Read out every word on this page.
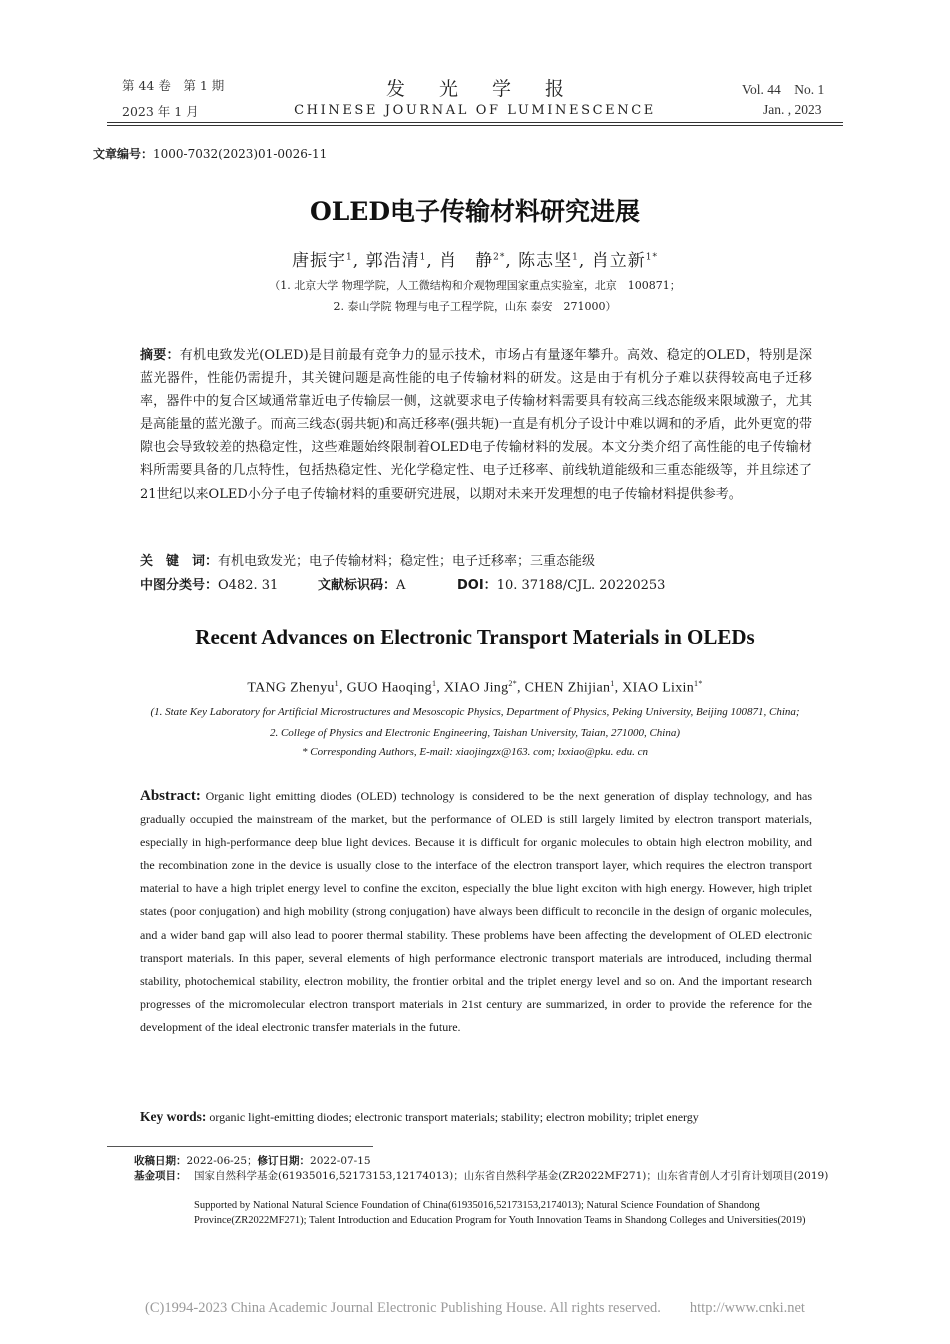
第 44 卷　第 1 期
2023 年 1 月
发 光 学 报
CHINESE JOURNAL OF LUMINESCENCE
Vol. 44　No. 1
Jan. , 2023
文章编号：1000-7032(2023)01-0026-11
OLED电子传输材料研究进展
唐振宇$^1$, 郭浩清$^1$, 肖　静$^{2*}$, 陈志坚$^1$, 肖立新$^{1*}$
（1. 北京大学 物理学院，人工微结构和介观物理国家重点实验室，北京　100871；
2. 泰山学院 物理与电子工程学院，山东 泰安　271000）
摘要：有机电致发光(OLED)是目前最有竞争力的显示技术，市场占有量逐年攀升。高效、稳定的OLED，特别是深蓝光器件，性能仍需提升，其关键问题是高性能的电子传输材料的研发。这是由于有机分子难以获得较高电子迁移率，器件中的复合区域通常靠近电子传输层一侧，这就要求电子传输材料需要具有较高三线态能级来限域激子，尤其是高能量的蓝光激子。而高三线态(弱共轭)和高迁移率(强共轭)一直是有机分子设计中难以调和的矛盾，此外更宽的带隙也会导致较差的热稳定性，这些难题始终限制着OLED电子传输材料的发展。本文分类介绍了高性能的电子传输材料所需要具备的几点特性，包括热稳定性、光化学稳定性、电子迁移率、前线轨道能级和三重态能级等，并且综述了21世纪以来OLED小分子电子传输材料的重要研究进展，以期对未来开发理想的电子传输材料提供参考。
关　键　词：有机电致发光；电子传输材料；稳定性；电子迁移率；三重态能级
中图分类号：O482. 31	文献标识码：A	DOI：10. 37188/CJL. 20220253
Recent Advances on Electronic Transport Materials in OLEDs
TANG Zhenyu$^1$, GUO Haoqing$^1$, XIAO Jing$^{2*}$, CHEN Zhijian$^1$, XIAO Lixin$^{1*}$
(1. State Key Laboratory for Artificial Microstructures and Mesoscopic Physics, Department of Physics, Peking University, Beijing 100871, China;
2. College of Physics and Electronic Engineering, Taishan University, Taian, 271000, China)
* Corresponding Authors, E-mail: xiaojingzx@163. com; lxxiao@pku. edu. cn
Abstract: Organic light emitting diodes (OLED) technology is considered to be the next generation of display technology, and has gradually occupied the mainstream of the market, but the performance of OLED is still largely limited by electron transport materials, especially in high-performance deep blue light devices. Because it is difficult for organic molecules to obtain high electron mobility, and the recombination zone in the device is usually close to the interface of the electron transport layer, which requires the electron transport material to have a high triplet energy level to confine the exciton, especially the blue light exciton with high energy. However, high triplet states (poor conjugation) and high mobility (strong conjugation) have always been difficult to reconcile in the design of organic molecules, and a wider band gap will also lead to poorer thermal stability. These problems have been affecting the development of OLED electronic transport materials. In this paper, several elements of high performance electronic transport materials are introduced, including thermal stability, photochemical stability, electron mobility, the frontier orbital and the triplet energy level and so on. And the important research progresses of the micromolecular electron transport materials in 21st century are summarized, in order to provide the reference for the development of the ideal electronic transfer materials in the future.
Key words: organic light-emitting diodes; electronic transport materials; stability; electron mobility; triplet energy
收稿日期：2022-06-25；修订日期：2022-07-15
基金项目： 国家自然科学基金(61935016,52173153,12174013)；山东省自然科学基金(ZR2022MF271)；山东省青创人才引育计划项目(2019)
Supported by National Natural Science Foundation of China(61935016,52173153,2174013); Natural Science Foundation of Shandong Province(ZR2022MF271); Talent Introduction and Education Program for Youth Innovation Teams in Shandong Colleges and Universities(2019)
(C)1994-2023 China Academic Journal Electronic Publishing House. All rights reserved.　　http://www.cnki.net
